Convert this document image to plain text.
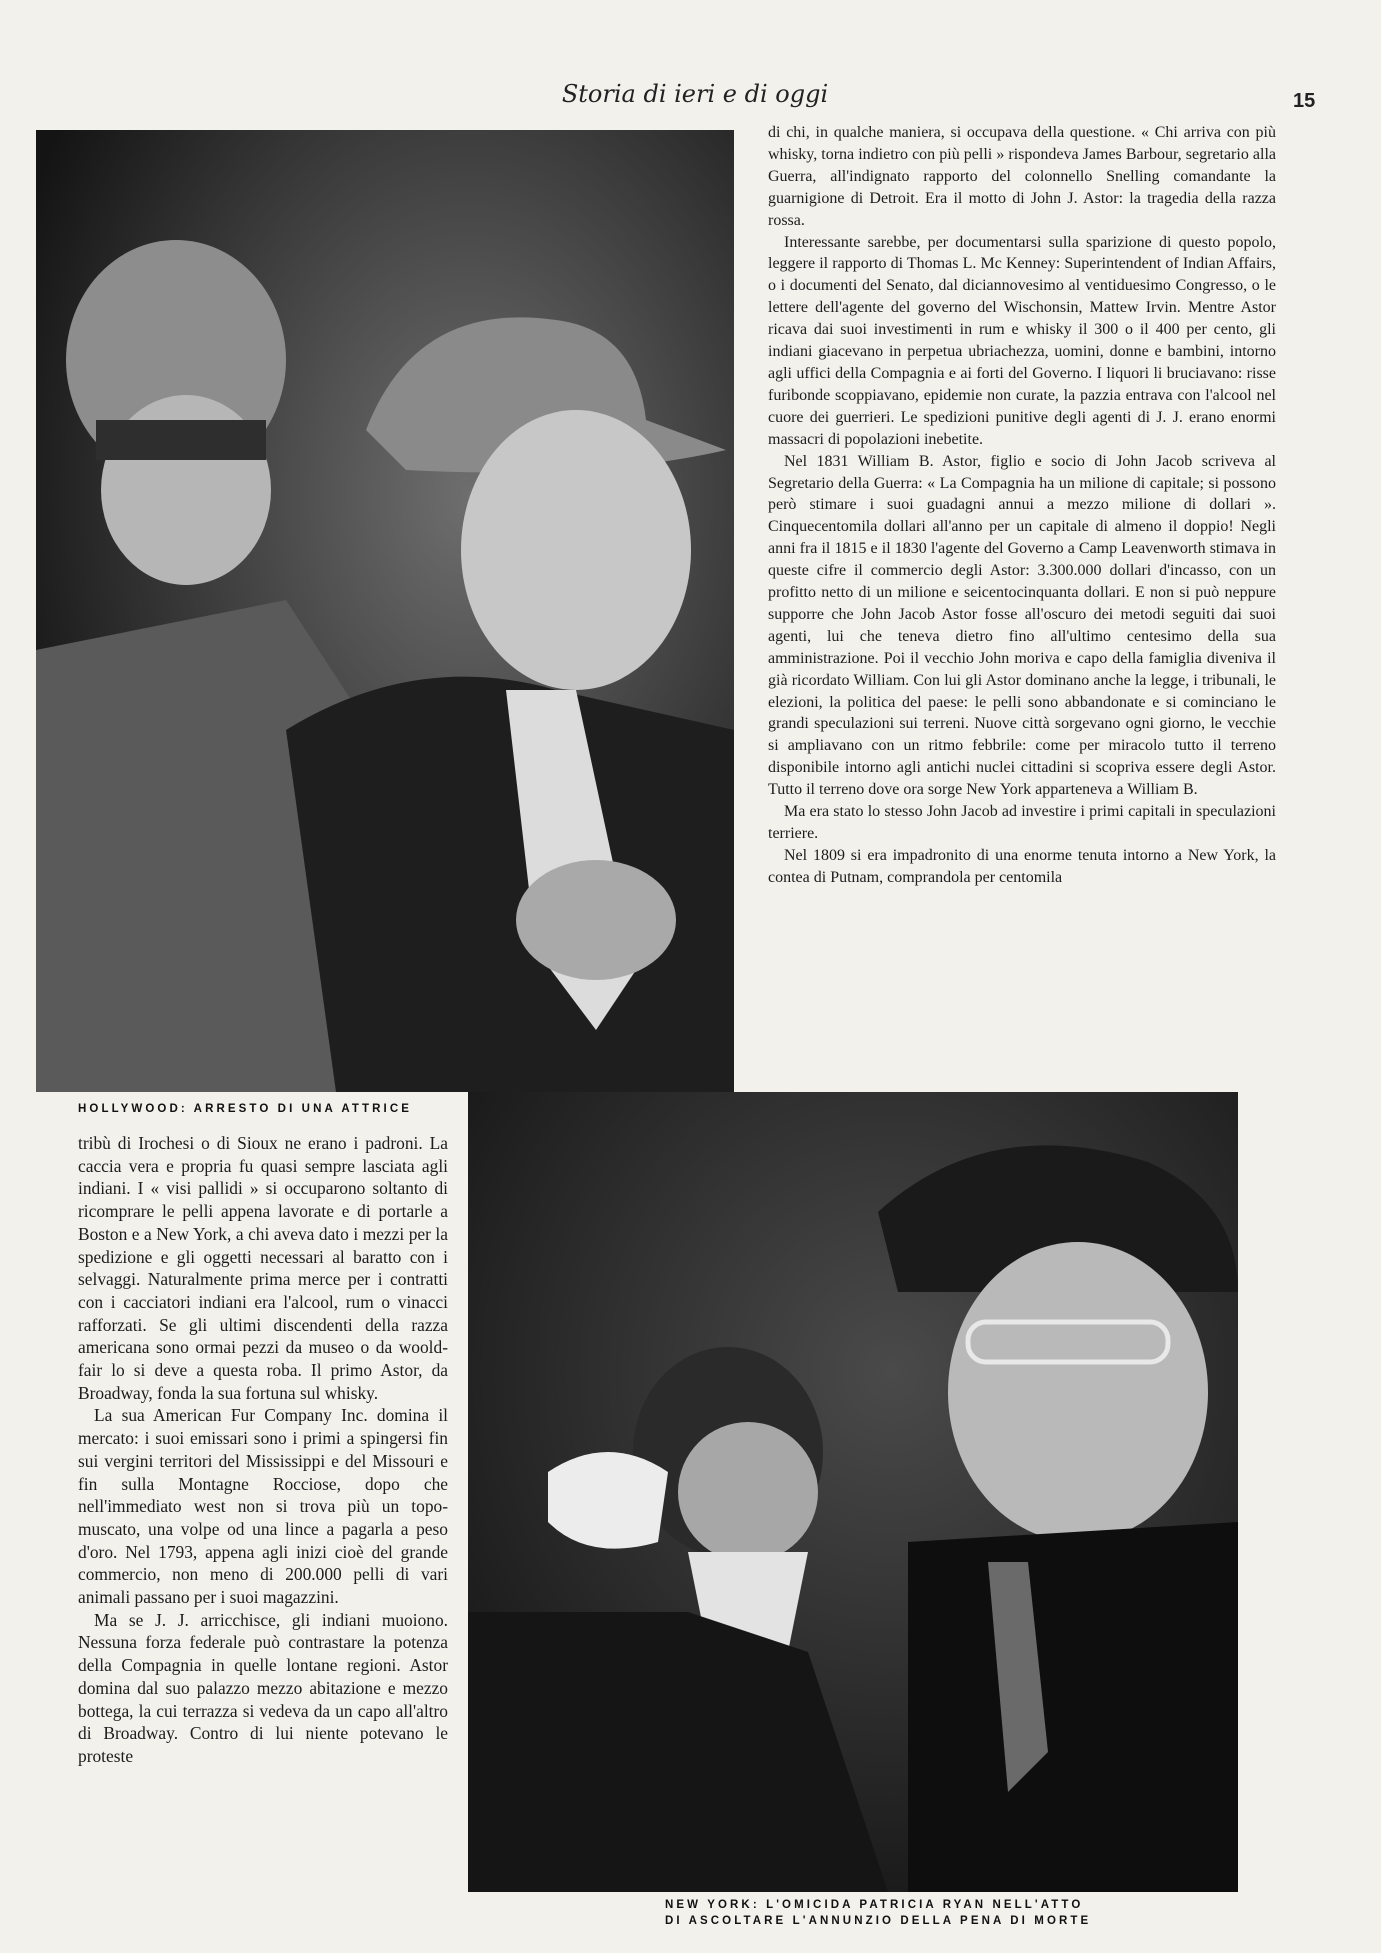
Storia di ieri e di oggi	15
HOLLYWOOD: ARRESTO DI UNA ATTRICE
NEW YORK: L'OMICIDA PATRICIA RYAN NELL'ATTO
DI ASCOLTARE L'ANNUNZIO DELLA PENA DI MORTE

di chi, in qualche maniera, si occupava della questione. « Chi arriva con più whisky, torna indietro con più pelli » rispondeva James Barbour, segretario alla Guerra, all'indignato rapporto del colonnello Snelling comandante la guarnigione di Detroit. Era il motto di John J. Astor: la tragedia della razza rossa.

Interessante sarebbe, per documentarsi sulla sparizione di questo popolo, leggere il rapporto di Thomas L. Mc Kenney: Superintendent of Indian Affairs, o i documenti del Senato, dal diciannovesimo al ventiduesimo Congresso, o le lettere dell'agente del governo del Wischonsin, Mattew Irvin. Mentre Astor ricava dai suoi investimenti in rum e whisky il 300 o il 400 per cento, gli indiani giacevano in perpetua ubriachezza, uomini, donne e bambini, intorno agli uffici della Compagnia e ai forti del Governo. I liquori li bruciavano: risse furibonde scoppiavano, epidemie non curate, la pazzia entrava con l'alcool nel cuore dei guerrieri. Le spedizioni punitive degli agenti di J. J. erano enormi massacri di popolazioni inebetite.

Nel 1831 William B. Astor, figlio e socio di John Jacob scriveva al Segretario della Guerra: « La Compagnia ha un milione di capitale; si possono però stimare i suoi guadagni annui a mezzo milione di dollari ». Cinquecentomila dollari all'anno per un capitale di almeno il doppio! Negli anni fra il 1815 e il 1830 l'agente del Governo a Camp Leavenworth stimava in queste cifre il commercio degli Astor: 3.300.000 dollari d'incasso, con un profitto netto di un milione e seicentocinquanta dollari. E non si può neppure supporre che John Jacob Astor fosse all'oscuro dei metodi seguiti dai suoi agenti, lui che teneva dietro fino all'ultimo centesimo della sua amministrazione. Poi il vecchio John moriva e capo della famiglia diveniva il già ricordato William. Con lui gli Astor dominano anche la legge, i tribunali, le elezioni, la politica del paese: le pelli sono abbandonate e si cominciano le grandi speculazioni sui terreni. Nuove città sorgevano ogni giorno, le vecchie si ampliavano con un ritmo febbrile: come per miracolo tutto il terreno disponibile intorno agli antichi nuclei cittadini si scopriva essere degli Astor. Tutto il terreno dove ora sorge New York apparteneva a William B.

Ma era stato lo stesso John Jacob ad investire i primi capitali in speculazioni terriere.

Nel 1809 si era impadronito di una enorme tenuta intorno a New York, la contea di Putnam, comprandola per centomila

tribù di Irochesi o di Sioux ne erano i padroni. La caccia vera e propria fu quasi sempre lasciata agli indiani. I « visi pallidi » si occuparono soltanto di ricomprare le pelli appena lavorate e di portarle a Boston e a New York, a chi aveva dato i mezzi per la spedizione e gli oggetti necessari al baratto con i selvaggi. Naturalmente prima merce per i contratti con i cacciatori indiani era l'alcool, rum o vinacci rafforzati. Se gli ultimi discendenti della razza americana sono ormai pezzi da museo o da woold-fair lo si deve a questa roba. Il primo Astor, da Broadway, fonda la sua fortuna sul whisky.

La sua American Fur Company Inc. domina il mercato: i suoi emissari sono i primi a spingersi fin sui vergini territori del Mississippi e del Missouri e fin sulla Montagne Rocciose, dopo che nell'immediato west non si trova più un topo-muscato, una volpe od una lince a pagarla a peso d'oro. Nel 1793, appena agli inizi cioè del grande commercio, non meno di 200.000 pelli di vari animali passano per i suoi magazzini.

Ma se J. J. arricchisce, gli indiani muoiono. Nessuna forza federale può contrastare la potenza della Compagnia in quelle lontane regioni. Astor domina dal suo palazzo mezzo abitazione e mezzo bottega, la cui terrazza si vedeva da un capo all'altro di Broadway. Contro di lui niente potevano le proteste
